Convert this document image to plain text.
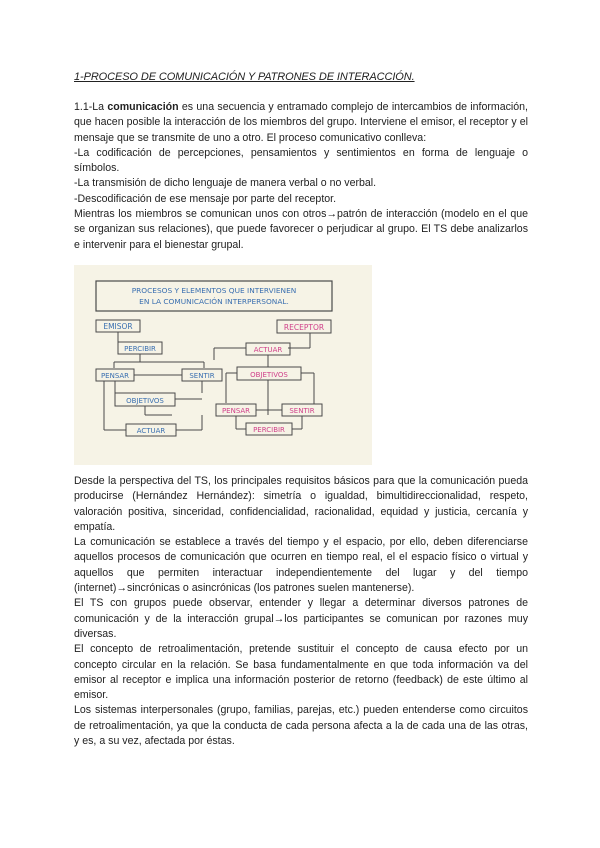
1-PROCESO DE COMUNICACIÓN Y PATRONES DE INTERACCIÓN.

1.1-La comunicación es una secuencia y entramado complejo de intercambios de información, que hacen posible la interacción de los miembros del grupo. Interviene el emisor, el receptor y el mensaje que se transmite de uno a otro. El proceso comunicativo conlleva:

-La codificación de percepciones, pensamientos y sentimientos en forma de lenguaje o símbolos.

-La transmisión de dicho lenguaje de manera verbal o no verbal.

-Descodificación de ese mensaje por parte del receptor.

Mientras los miembros se comunican unos con otros→patrón de interacción (modelo en el que se organizan sus relaciones), que puede favorecer o perjudicar al grupo. El TS debe analizarlos e intervenir para el bienestar grupal.

PROCESOS Y ELEMENTOS QUE INTERVIENEN
EN LA COMUNICACIÓN INTERPERSONAL.
EMISOR	RECEPTOR
PERCIBIR
PENSAR	SENTIR
OBJETIVOS
ACTUAR
ACTUAR
OBJETIVOS
PENSAR	SENTIR
PERCIBIR

Desde la perspectiva del TS, los principales requisitos básicos para que la comunicación pueda producirse (Hernández Hernández): simetría o igualdad, bimultidireccionalidad, respeto, valoración positiva, sinceridad, confidencialidad, racionalidad, equidad y justicia, cercanía y empatía.

La comunicación se establece a través del tiempo y el espacio, por ello, deben diferenciarse aquellos procesos de comunicación que ocurren en tiempo real, el el espacio físico o virtual y aquellos que permiten interactuar independientemente del lugar y del tiempo (internet)→sincrónicas o asincrónicas (los patrones suelen mantenerse).

El TS con grupos puede observar, entender y llegar a determinar diversos patrones de comunicación y de la interacción grupal→los participantes se comunican por razones muy diversas.

El concepto de retroalimentación, pretende sustituir el concepto de causa efecto por un concepto circular en la relación. Se basa fundamentalmente en que toda información va del emisor al receptor e implica una información posterior de retorno (feedback) de este último al emisor.

Los sistemas interpersonales (grupo, familias, parejas, etc.) pueden entenderse como circuitos de retroalimentación, ya que la conducta de cada persona afecta a la de cada una de las otras, y es, a su vez, afectada por éstas.
